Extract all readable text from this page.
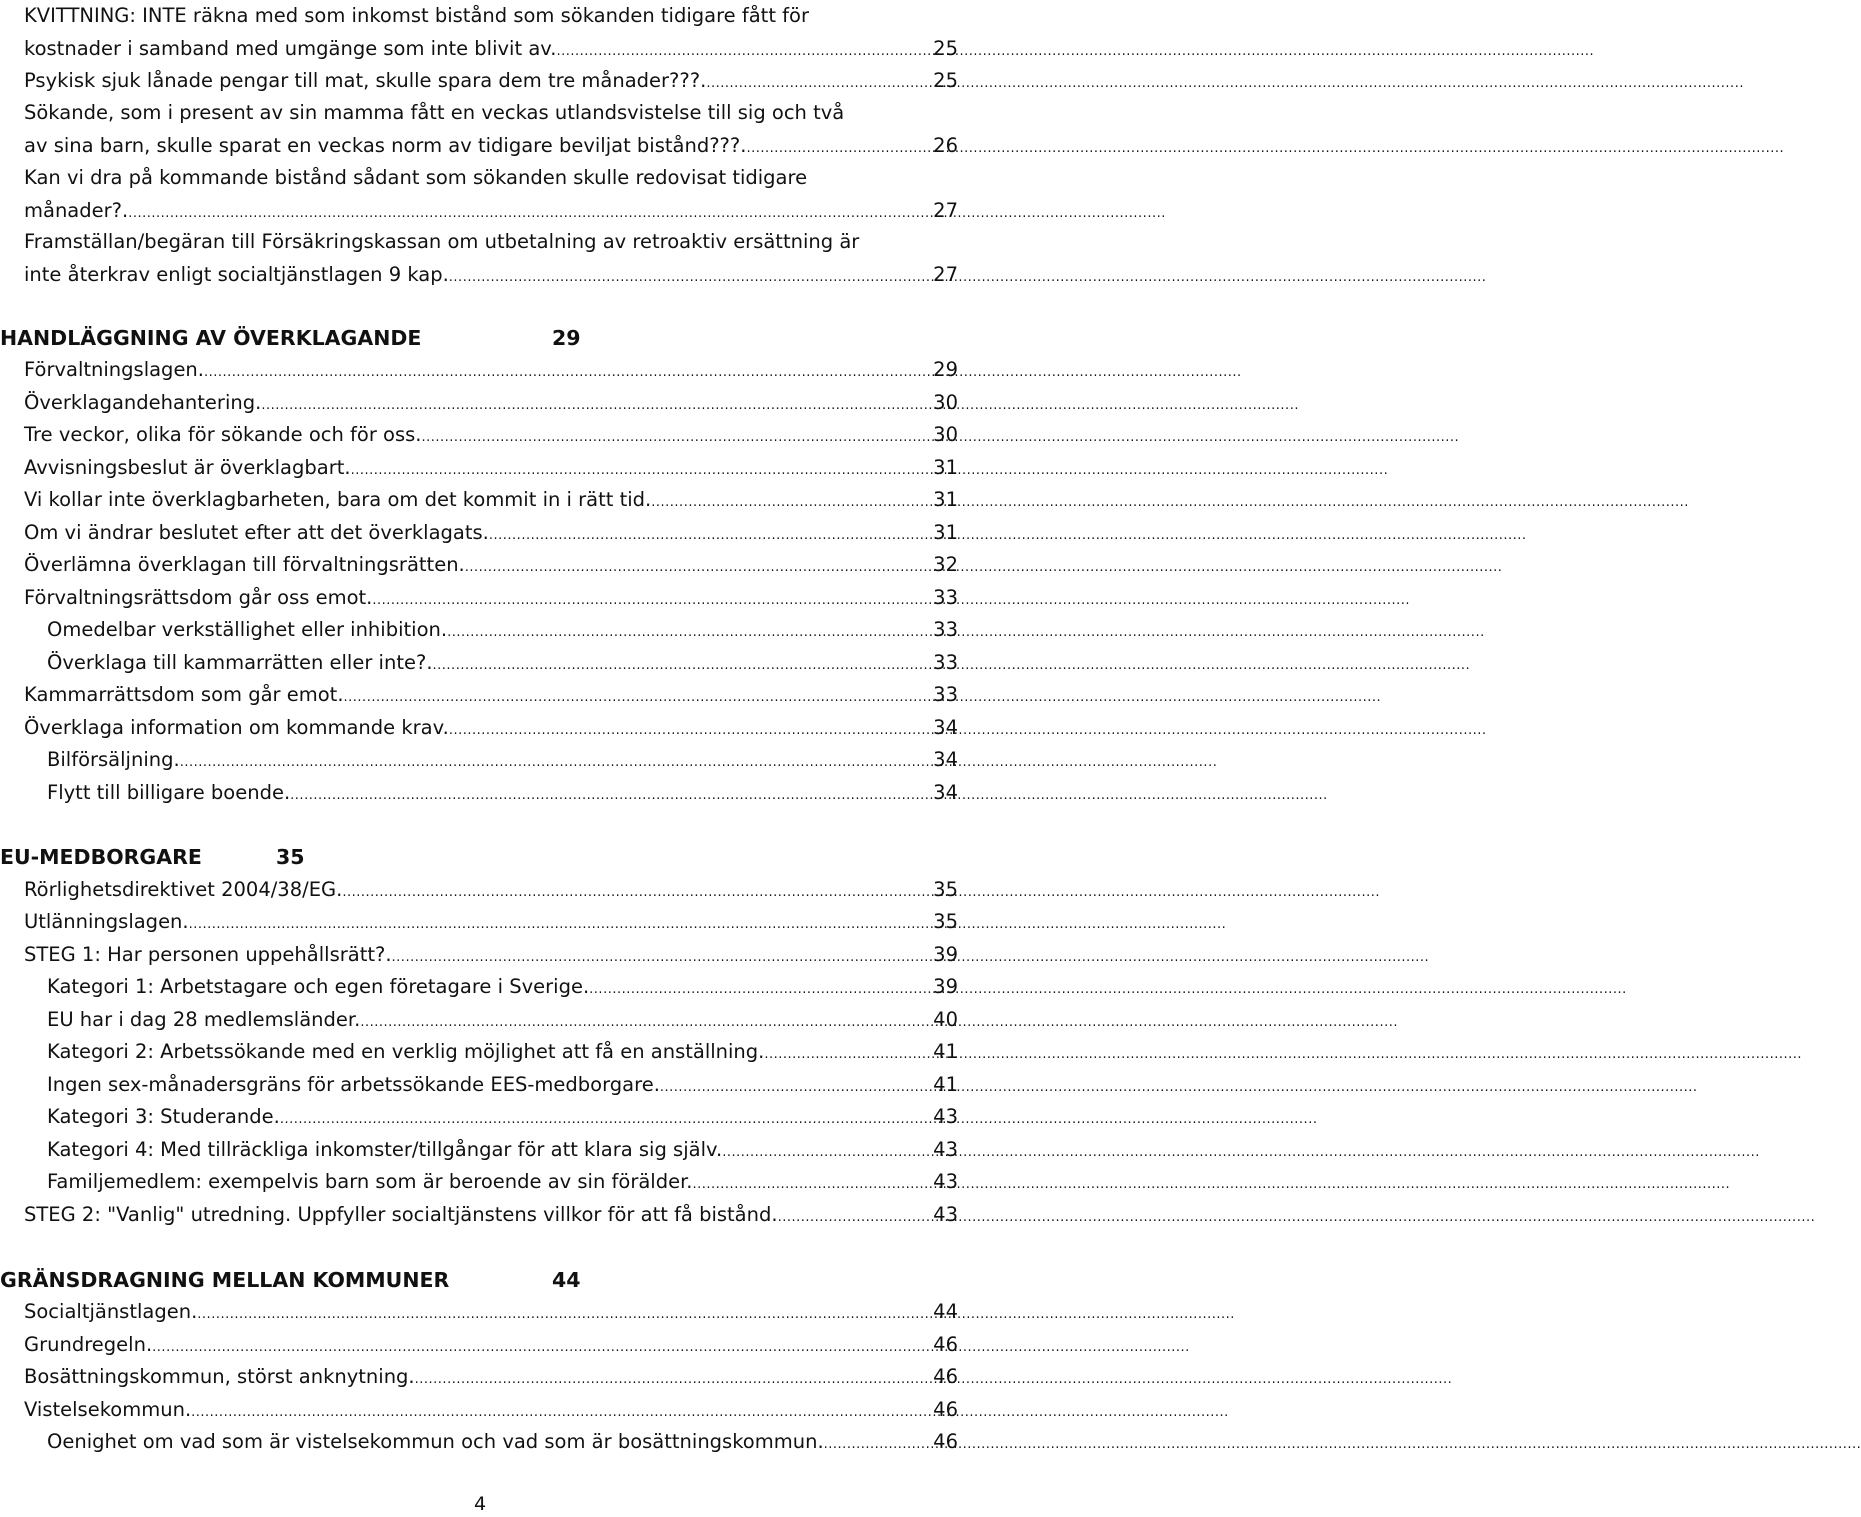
KVITTNING: INTE räkna med som inkomst bistånd som sökanden tidigare fått för
kostnader i samband med umgänge som inte blivit av. .....	25
Psykisk sjuk lånade pengar till mat, skulle spara dem tre månader???. .....	25
Sökande, som i present av sin mamma fått en veckas utlandsvistelse till sig och två
av sina barn, skulle sparat en veckas norm av tidigare beviljat bistånd???. .....	26
Kan vi dra på kommande bistånd sådant som sökanden skulle redovisat tidigare
månader?. .....	27
Framställan/begäran till Försäkringskassan om utbetalning av retroaktiv ersättning är
inte återkrav enligt socialtjänstlagen 9 kap. .....	27
HANDLÄGGNING AV ÖVERKLAGANDE	29
Förvaltningslagen. .....	29
Överklagandehantering. .....	30
Tre veckor, olika för sökande och för oss. .....	30
Avvisningsbeslut är överklagbart. .....	31
Vi kollar inte överklagbarheten, bara om det kommit in i rätt tid. .....	31
Om vi ändrar beslutet efter att det överklagats. .....	31
Överlämna överklagan till förvaltningsrätten. .....	32
Förvaltningsrättsdom går oss emot. .....	33
Omedelbar verkställighet eller inhibition. .....	33
Överklaga till kammarrätten eller inte?. .....	33
Kammarrättsdom som går emot. .....	33
Överklaga information om kommande krav. .....	34
Bilförsäljning. .....	34
Flytt till billigare boende. .....	34
EU-MEDBORGARE	35
Rörlighetsdirektivet 2004/38/EG. .....	35
Utlänningslagen. .....	35
STEG 1: Har personen uppehållsrätt?. .....	39
Kategori 1: Arbetstagare och egen företagare i Sverige. .....	39
EU har i dag 28 medlemsländer. .....	40
Kategori 2: Arbetssökande med en verklig möjlighet att få en anställning. .....	41
Ingen sex-månadersgräns för arbetssökande EES-medborgare. .....	41
Kategori 3: Studerande. .....	43
Kategori 4: Med tillräckliga inkomster/tillgångar för att klara sig själv. .....	43
Familjemedlem: exempelvis barn som är beroende av sin förälder. .....	43
STEG 2: "Vanlig" utredning. Uppfyller socialtjänstens villkor för att få bistånd. .....	43
GRÄNSDRAGNING MELLAN KOMMUNER	44
Socialtjänstlagen. .....	44
Grundregeln. .....	46
Bosättningskommun, störst anknytning. .....	46
Vistelsekommun. .....	46
Oenighet om vad som är vistelsekommun och vad som är bosättningskommun. .....	46
4
